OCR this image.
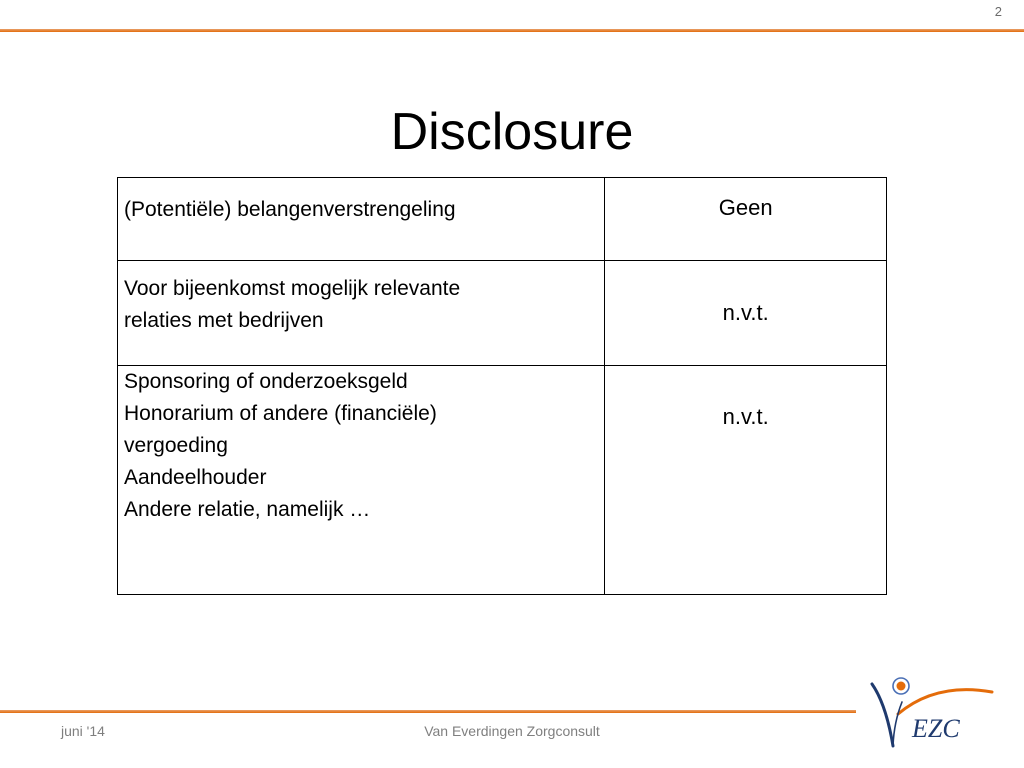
2
Disclosure
(Potentiële) belangenverstrengeling	Geen

Voor bijeenkomst mogelijk relevante
relaties met bedrijven	n.v.t.

Sponsoring of onderzoeksgeld
Honorarium of andere (financiële)
vergoeding
Aandeelhouder
Andere relatie, namelijk …	n.v.t.
juni '14	Van Everdingen Zorgconsult	EZC
